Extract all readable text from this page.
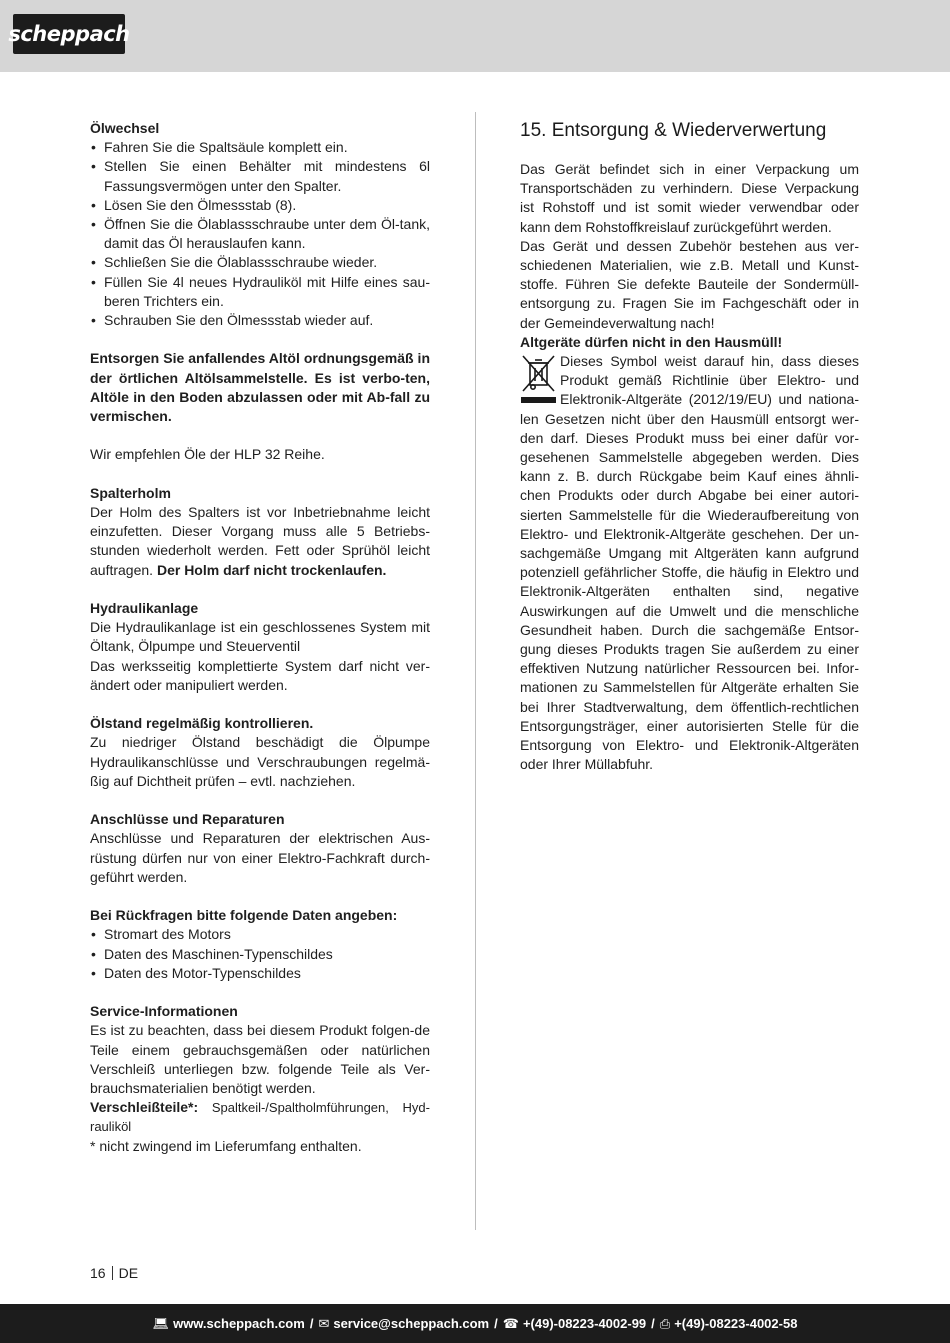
scheppach

Ölwechsel

• Fahren Sie die Spaltsäule komplett ein.
• Stellen Sie einen Behälter mit mindestens 6l Fassungsvermögen unter den Spalter.
• Lösen Sie den Ölmessstab (8).
• Öffnen Sie die Ölablassschraube unter dem Öl-tank, damit das Öl herauslaufen kann.
• Schließen Sie die Ölablassschraube wieder.
• Füllen Sie 4l neues Hydrauliköl mit Hilfe eines sau-beren Trichters ein.
• Schrauben Sie den Ölmessstab wieder auf.

Entsorgen Sie anfallendes Altöl ordnungsgemäß in der örtlichen Altölsammelstelle. Es ist verbo-ten, Altöle in den Boden abzulassen oder mit Ab-fall zu vermischen.

Wir empfehlen Öle der HLP 32 Reihe.

Spalterholm

Der Holm des Spalters ist vor Inbetriebnahme leicht einzufetten. Dieser Vorgang muss alle 5 Betriebs-stunden wiederholt werden. Fett oder Sprühöl leicht auftragen. Der Holm darf nicht trockenlaufen.

Hydraulikanlage

Die Hydraulikanlage ist ein geschlossenes System mit Öltank, Ölpumpe und Steuerventil

Das werksseitig komplettierte System darf nicht ver-ändert oder manipuliert werden.

Ölstand regelmäßig kontrollieren.

Zu niedriger Ölstand beschädigt die Ölpumpe Hydraulikanschlüsse und Verschraubungen regelmä-ßig auf Dichtheit prüfen – evtl. nachziehen.

Anschlüsse und Reparaturen

Anschlüsse und Reparaturen der elektrischen Aus-rüstung dürfen nur von einer Elektro-Fachkraft durch-geführt werden.

Bei Rückfragen bitte folgende Daten angeben:

• Stromart des Motors
• Daten des Maschinen-Typenschildes
• Daten des Motor-Typenschildes

Service-Informationen

Es ist zu beachten, dass bei diesem Produkt folgen-de Teile einem gebrauchsgemäßen oder natürlichen Verschleiß unterliegen bzw. folgende Teile als Ver-brauchsmaterialien benötigt werden.

Verschleißteile*: Spaltkeil-/Spaltholmführungen, Hyd-rauliköl

* nicht zwingend im Lieferumfang enthalten.

15. Entsorgung & Wiederverwertung

Das Gerät befindet sich in einer Verpackung um Transportschäden zu verhindern. Diese Verpackung ist Rohstoff und ist somit wieder verwendbar oder kann dem Rohstoffkreislauf zurückgeführt werden.

Das Gerät und dessen Zubehör bestehen aus ver-schiedenen Materialien, wie z.B. Metall und Kunst-stoffe. Führen Sie defekte Bauteile der Sondermüll-entsorgung zu. Fragen Sie im Fachgeschäft oder in der Gemeindeverwaltung nach!

Altgeräte dürfen nicht in den Hausmüll!

Dieses Symbol weist darauf hin, dass dieses Produkt gemäß Richtlinie über Elektro- und Elektronik-Altgeräte (2012/19/EU) und nationa-len Gesetzen nicht über den Hausmüll entsorgt wer-den darf. Dieses Produkt muss bei einer dafür vor-gesehenen Sammelstelle abgegeben werden. Dies kann z. B. durch Rückgabe beim Kauf eines ähnli-chen Produkts oder durch Abgabe bei einer autori-sierten Sammelstelle für die Wiederaufbereitung von Elektro- und Elektronik-Altgeräte geschehen. Der un-sachgemäße Umgang mit Altgeräten kann aufgrund potenziell gefährlicher Stoffe, die häufig in Elektro und Elektronik-Altgeräten enthalten sind, negative Auswirkungen auf die Umwelt und die menschliche Gesundheit haben. Durch die sachgemäße Entsor-gung dieses Produkts tragen Sie außerdem zu einer effektiven Nutzung natürlicher Ressourcen bei. Infor-mationen zu Sammelstellen für Altgeräte erhalten Sie bei Ihrer Stadtverwaltung, dem öffentlich-rechtlichen Entsorgungsträger, einer autorisierten Stelle für die Entsorgung von Elektro- und Elektronik-Altgeräten oder Ihrer Müllabfuhr.

16 DE
💻︎ www.scheppach.com / ✉ service@scheppach.com / ☎ +(49)-08223-4002-99 / ⎙ +(49)-08223-4002-58
